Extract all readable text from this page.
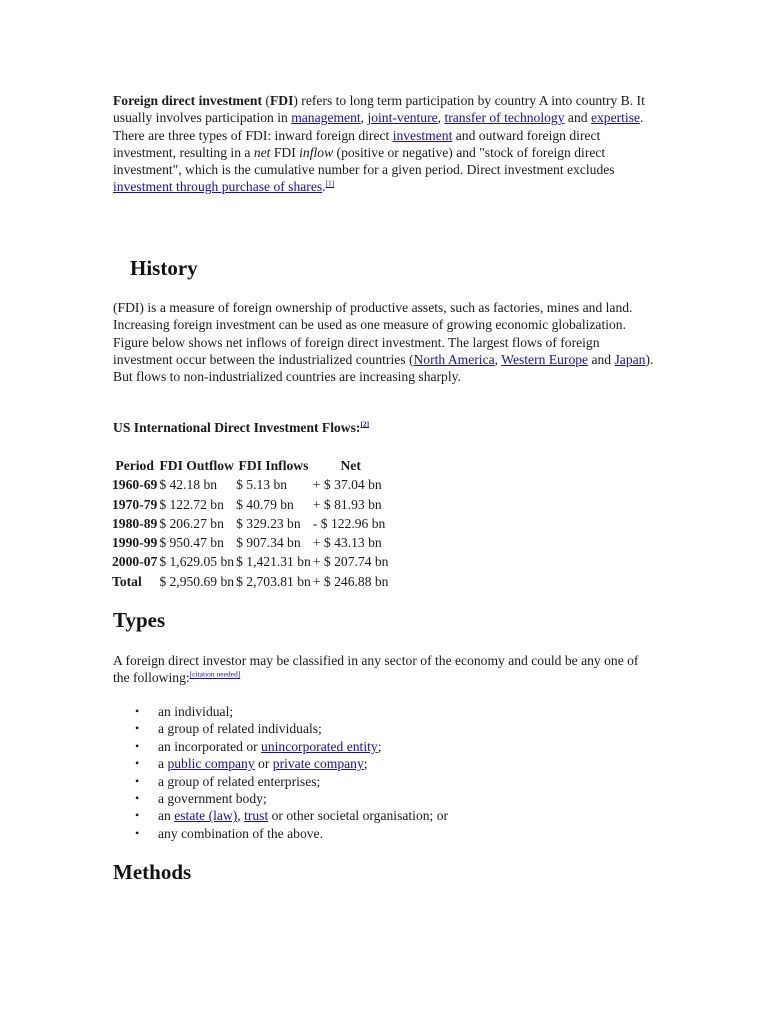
Foreign direct investment (FDI) refers to long term participation by country A into country B. It usually involves participation in management, joint-venture, transfer of technology and expertise. There are three types of FDI: inward foreign direct investment and outward foreign direct investment, resulting in a net FDI inflow (positive or negative) and "stock of foreign direct investment", which is the cumulative number for a given period. Direct investment excludes investment through purchase of shares.[1]

History

(FDI) is a measure of foreign ownership of productive assets, such as factories, mines and land. Increasing foreign investment can be used as one measure of growing economic globalization. Figure below shows net inflows of foreign direct investment. The largest flows of foreign investment occur between the industrialized countries (North America, Western Europe and Japan). But flows to non-industrialized countries are increasing sharply.

US International Direct Investment Flows:[2]

Period	FDI Outflow	FDI Inflows	Net
1960-69	$ 42.18 bn	$ 5.13 bn	+ $ 37.04 bn
1970-79	$ 122.72 bn	$ 40.79 bn	+ $ 81.93 bn
1980-89	$ 206.27 bn	$ 329.23 bn	- $ 122.96 bn
1990-99	$ 950.47 bn	$ 907.34 bn	+ $ 43.13 bn
2000-07	$ 1,629.05 bn	$ 1,421.31 bn	+ $ 207.74 bn
Total	$ 2,950.69 bn	$ 2,703.81 bn	+ $ 246.88 bn
Types

A foreign direct investor may be classified in any sector of the economy and could be any one of the following:[citation needed]

• an individual;
• a group of related individuals;
• an incorporated or unincorporated entity;
• a public company or private company;
• a group of related enterprises;
• a government body;
• an estate (law), trust or other societal organisation; or
• any combination of the above.
Methods
